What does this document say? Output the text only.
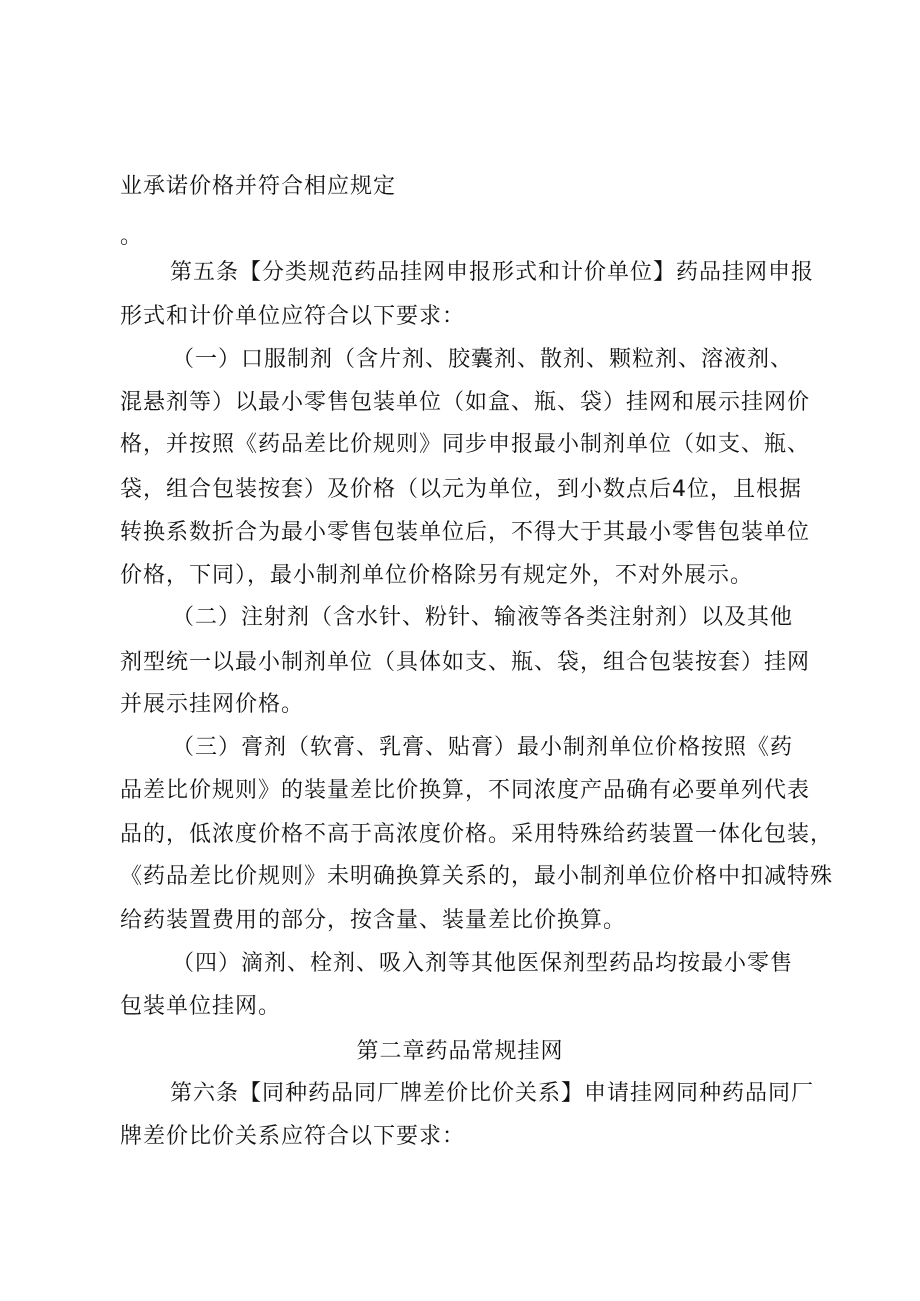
业承诺价格并符合相应规定
。
第五条【分类规范药品挂网申报形式和计价单位】药品挂网申报
形式和计价单位应符合以下要求：
（一）口服制剂（含片剂、胶囊剂、散剂、颗粒剂、溶液剂、
混悬剂等）以最小零售包装单位（如盒、瓶、袋）挂网和展示挂网价
格，并按照《药品差比价规则》同步申报最小制剂单位（如支、瓶、
袋，组合包装按套）及价格（以元为单位，到小数点后4位，且根据
转换系数折合为最小零售包装单位后，不得大于其最小零售包装单位
价格，下同），最小制剂单位价格除另有规定外，不对外展示。
（二）注射剂（含水针、粉针、输液等各类注射剂）以及其他
剂型统一以最小制剂单位（具体如支、瓶、袋，组合包装按套）挂网
并展示挂网价格。
（三）膏剂（软膏、乳膏、贴膏）最小制剂单位价格按照《药
品差比价规则》的装量差比价换算，不同浓度产品确有必要单列代表
品的，低浓度价格不高于高浓度价格。采用特殊给药装置一体化包装，
《药品差比价规则》未明确换算关系的，最小制剂单位价格中扣减特殊
给药装置费用的部分，按含量、装量差比价换算。
（四）滴剂、栓剂、吸入剂等其他医保剂型药品均按最小零售
包装单位挂网。
第二章药品常规挂网
第六条【同种药品同厂牌差价比价关系】申请挂网同种药品同厂
牌差价比价关系应符合以下要求：
